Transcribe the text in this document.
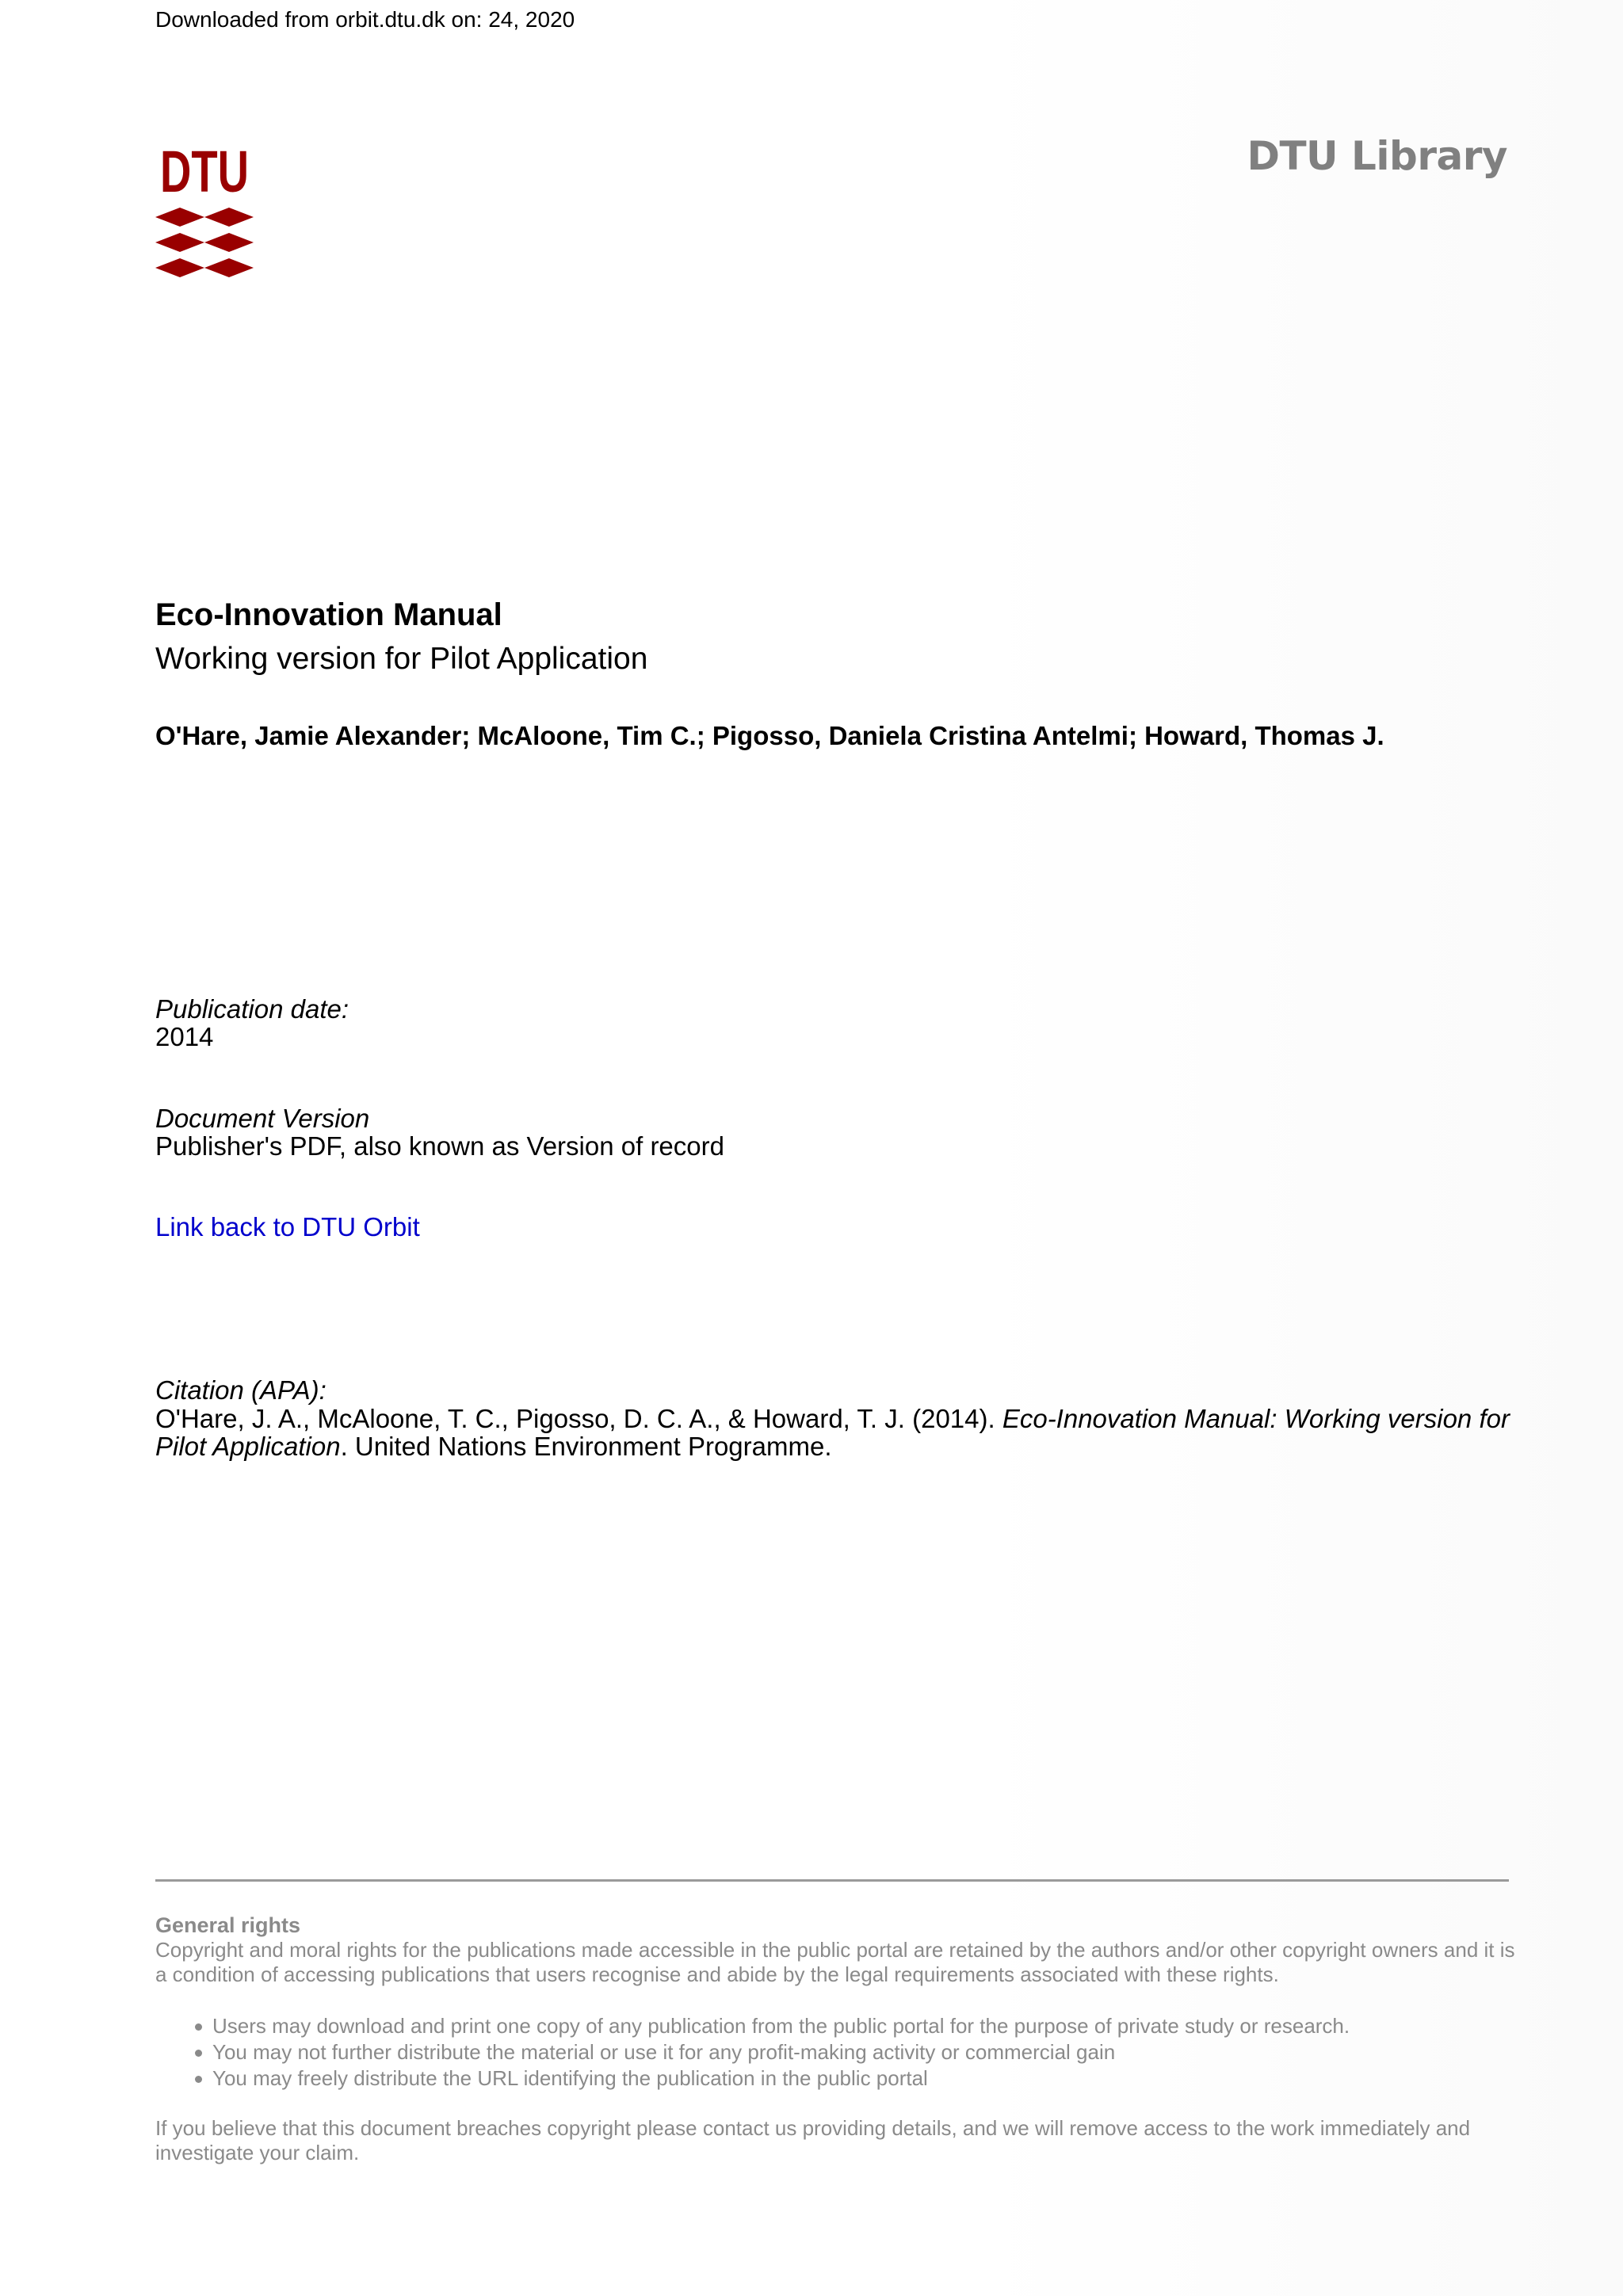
Downloaded from orbit.dtu.dk on: 24, 2020
DTU	DTU Library
Eco-Innovation Manual
Working version for Pilot Application
O'Hare, Jamie Alexander; McAloone, Tim C.; Pigosso, Daniela Cristina Antelmi; Howard, Thomas J.
Publication date:
2014
Document Version
Publisher's PDF, also known as Version of record
Link back to DTU Orbit
Citation (APA):
O'Hare, J. A., McAloone, T. C., Pigosso, D. C. A., & Howard, T. J. (2014). Eco-Innovation Manual: Working version for Pilot Application. United Nations Environment Programme.
General rights

Copyright and moral rights for the publications made accessible in the public portal are retained by the authors and/or other copyright owners and it is a condition of accessing publications that users recognise and abide by the legal requirements associated with these rights.

Users may download and print one copy of any publication from the public portal for the purpose of private study or research.
You may not further distribute the material or use it for any profit-making activity or commercial gain
You may freely distribute the URL identifying the publication in the public portal

If you believe that this document breaches copyright please contact us providing details, and we will remove access to the work immediately and investigate your claim.
